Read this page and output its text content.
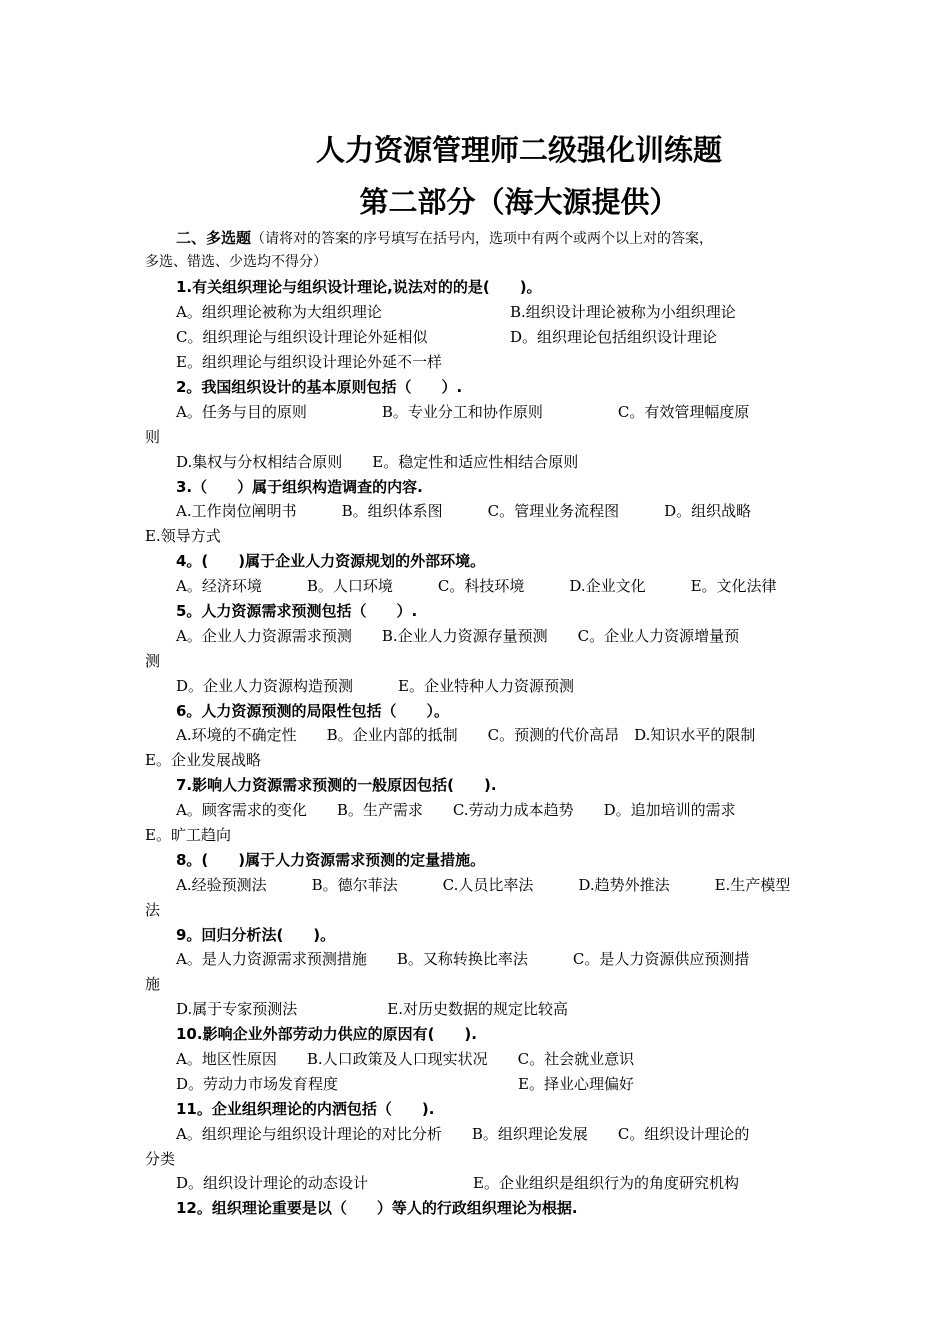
人力资源管理师二级强化训练题
第二部分（海大源提供）
二、多选题（请将对的答案的序号填写在括号内，选项中有两个或两个以上对的答案，
多选、错选、少选均不得分）
1.有关组织理论与组织设计理论,说法对的的是(　　)。
A。组织理论被称为大组织理论	B.组织设计理论被称为小组织理论
C。组织理论与组织设计理论外延相似	D。组织理论包括组织设计理论
E。组织理论与组织设计理论外延不一样
2。我国组织设计的基本原则包括（　　）.
A。任务与目的原则　　　　　B。专业分工和协作原则　　　　　C。有效管理幅度原
则
D.集权与分权相结合原则　　E。稳定性和适应性相结合原则
3.（　　）属于组织构造调查的内容.
A.工作岗位阐明书　　　B。组织体系图　　　C。管理业务流程图　　　D。组织战略
E.领导方式
4。(　　)属于企业人力资源规划的外部环境。
A。经济环境　　　B。人口环境　　　C。科技环境　　　D.企业文化　　　E。文化法律
5。人力资源需求预测包括（　　）.
A。企业人力资源需求预测　　B.企业人力资源存量预测　　C。企业人力资源增量预
测
D。企业人力资源构造预测　　　E。企业特种人力资源预测
6。人力资源预测的局限性包括（　　）。
A.环境的不确定性　　B。企业内部的抵制　　C。预测的代价高昂　D.知识水平的限制
E。企业发展战略
7.影响人力资源需求预测的一般原因包括(　　).
A。顾客需求的变化　　B。生产需求　　C.劳动力成本趋势　　D。追加培训的需求
E。旷工趋向
8。(　　)属于人力资源需求预测的定量措施。
A.经验预测法　　　B。德尔菲法　　　C.人员比率法　　　D.趋势外推法　　　E.生产模型
法
9。回归分析法(　　)。
A。是人力资源需求预测措施　　B。又称转换比率法　　　C。是人力资源供应预测措
施
D.属于专家预测法　　　　　　E.对历史数据的规定比较高
10.影响企业外部劳动力供应的原因有(　　).
A。地区性原因　　B.人口政策及人口现实状况　　C。社会就业意识
D。劳动力市场发育程度　　　　　　　　　　　　E。择业心理偏好
11。企业组织理论的内洒包括（　　).
A。组织理论与组织设计理论的对比分析　　B。组织理论发展　　C。组织设计理论的
分类
D。组织设计理论的动态设计　　　　　　　E。企业组织是组织行为的角度研究机构
12。组织理论重要是以（　　）等人的行政组织理论为根据.
